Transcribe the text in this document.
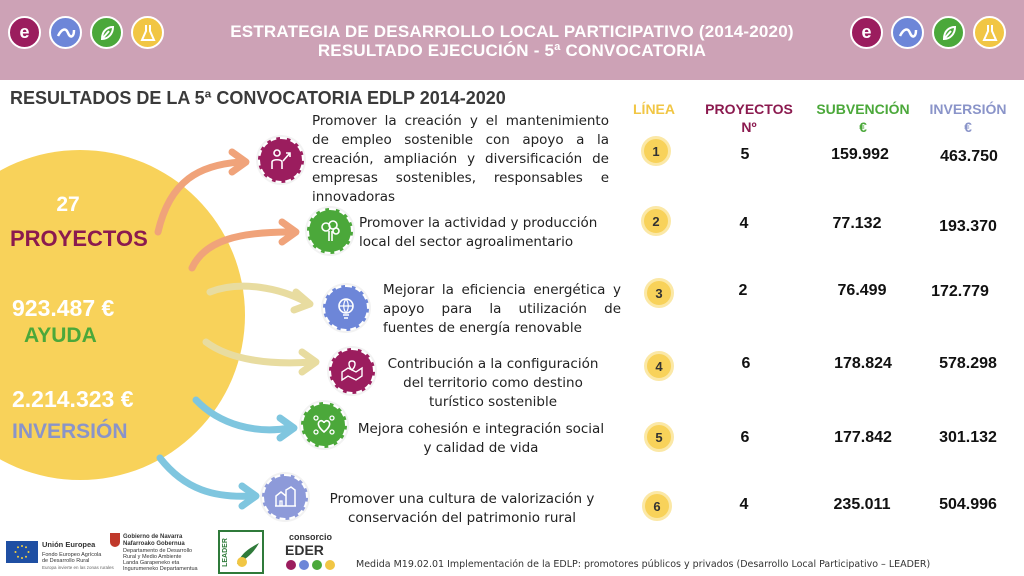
e	ESTRATEGIA DE DESARROLLO LOCAL PARTICIPATIVO (2014-2020)
RESULTADO EJECUCIÓN - 5ª CONVOCATORIA
e
RESULTADOS DE LA 5ª CONVOCATORIA EDLP 2014-2020
27
PROYECTOS
923.487 €
AYUDA
2.214.323 €
INVERSIÓN
Promover la creación y el mantenimiento de empleo sostenible con apoyo a la creación, ampliación y diversificación de empresas sostenibles, responsables e innovadoras
Promover la actividad y producción local del sector agroalimentario
Mejorar la eficiencia energética y apoyo para la utilización de fuentes de energía renovable
Contribución a la configuración del territorio como destino turístico sostenible
Mejora cohesión e integración social y calidad de vida
Promover una cultura de valorización y conservación del patrimonio rural
LÍNEA	PROYECTOS
Nº
SUBVENCIÓN
€
INVERSIÓN
€
1	5	159.992	463.750
2	4	77.132	193.370
3	2	76.499	172.779
4	6	178.824	578.298
5	6	177.842	301.132
6	4	235.011	504.996
Unión Europea
Fondo Europeo Agrícola
de Desarrollo Rural
Europa invierte en las zonas rurales
Gobierno de Navarra
Nafarroako Gobernua
Departamento de Desarrollo
Rural y Medio Ambiente
Landa Garapeneko eta
Ingurumeneko Departamentua
LEADER
consorcio
EDER
Medida M19.02.01 Implementación de la EDLP: promotores públicos y privados (Desarrollo Local Participativo – LEADER)
